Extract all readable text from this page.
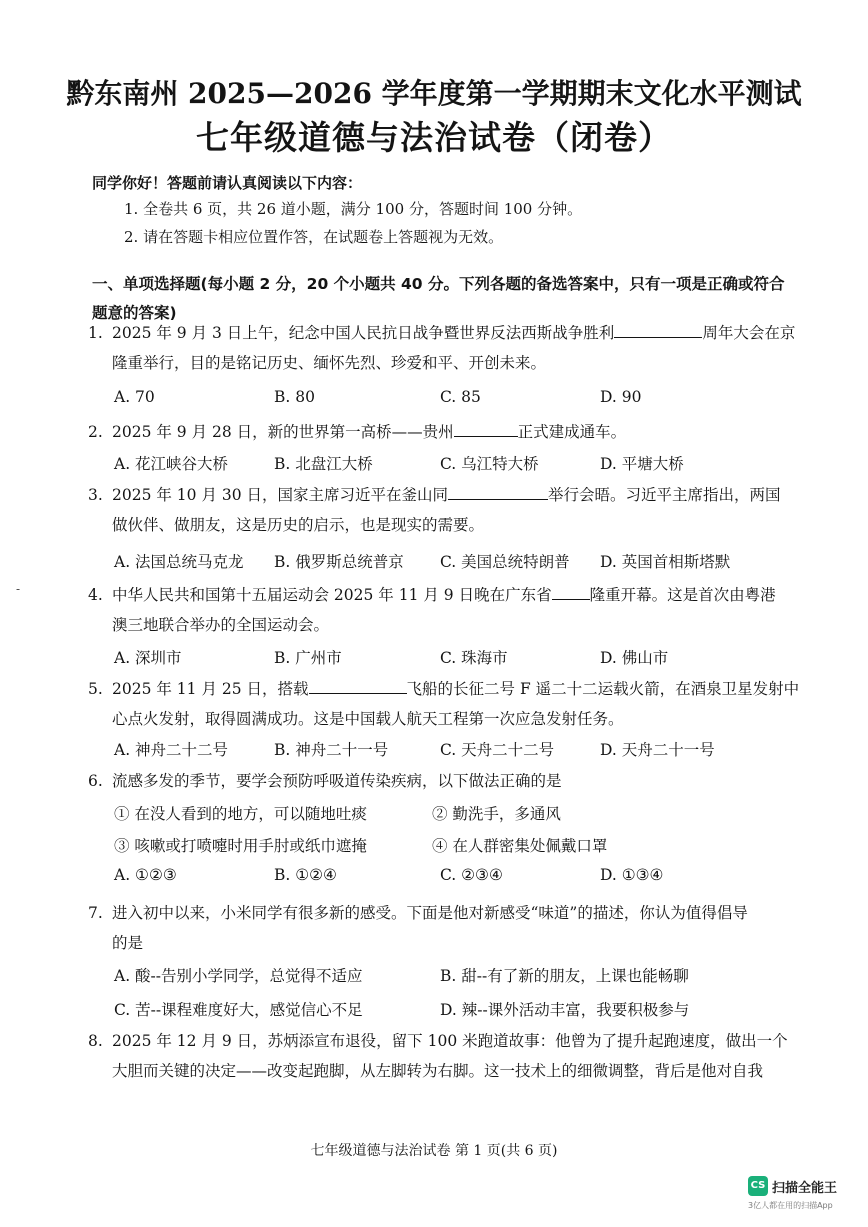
黔东南州 2025—2026 学年度第一学期期末文化水平测试
七年级道德与法治试卷（闭卷）
同学你好！答题前请认真阅读以下内容：
1. 全卷共 6 页，共 26 道小题，满分 100 分，答题时间 100 分钟。
2. 请在答题卡相应位置作答，在试题卷上答题视为无效。
一、单项选择题(每小题 2 分，20 个小题共 40 分。下列各题的备选答案中，只有一项是正确或符合
题意的答案)
1. 2025 年 9 月 3 日上午，纪念中国人民抗日战争暨世界反法西斯战争胜利	周年大会在京
隆重举行，目的是铭记历史、缅怀先烈、珍爱和平、开创未来。
A. 70	B. 80	C. 85	D. 90
2. 2025 年 9 月 28 日，新的世界第一高桥——贵州	正式建成通车。
A. 花江峡谷大桥	B. 北盘江大桥	C. 乌江特大桥	D. 平塘大桥
3. 2025 年 10 月 30 日，国家主席习近平在釜山同	举行会晤。习近平主席指出，两国
做伙伴、做朋友，这是历史的启示，也是现实的需要。
A. 法国总统马克龙 B. 俄罗斯总统普京 C. 美国总统特朗普 D. 英国首相斯塔默
4. 中华人民共和国第十五届运动会 2025 年 11 月 9 日晚在广东省 隆重开幕。这是首次由粤港
澳三地联合举办的全国运动会。
A. 深圳市	B. 广州市	C. 珠海市	D. 佛山市
5. 2025 年 11 月 25 日，搭载	飞船的长征二号 F 遥二十二运载火箭，在酒泉卫星发射中
心点火发射，取得圆满成功。这是中国载人航天工程第一次应急发射任务。
A. 神舟二十二号	B. 神舟二十一号	C. 天舟二十二号	D. 天舟二十一号
6. 流感多发的季节，要学会预防呼吸道传染疾病，以下做法正确的是
① 在没人看到的地方，可以随地吐痰	② 勤洗手，多通风
③ 咳嗽或打喷嚏时用手肘或纸巾遮掩	④ 在人群密集处佩戴口罩
A. ①②③	B. ①②④	C. ②③④	D. ①③④
7. 进入初中以来，小米同学有很多新的感受。下面是他对新感受“味道”的描述，你认为值得倡导
的是
A. 酸--告别小学同学，总觉得不适应	B. 甜--有了新的朋友，上课也能畅聊
C. 苦--课程难度好大，感觉信心不足	D. 辣--课外活动丰富，我要积极参与
8. 2025 年 12 月 9 日，苏炳添宣布退役，留下 100 米跑道故事：他曾为了提升起跑速度，做出一个
大胆而关键的决定——改变起跑脚，从左脚转为右脚。这一技术上的细微调整，背后是他对自我
-
七年级道德与法治试卷 第 1 页(共 6 页)
CS 扫描全能王
3亿人都在用的扫描App
